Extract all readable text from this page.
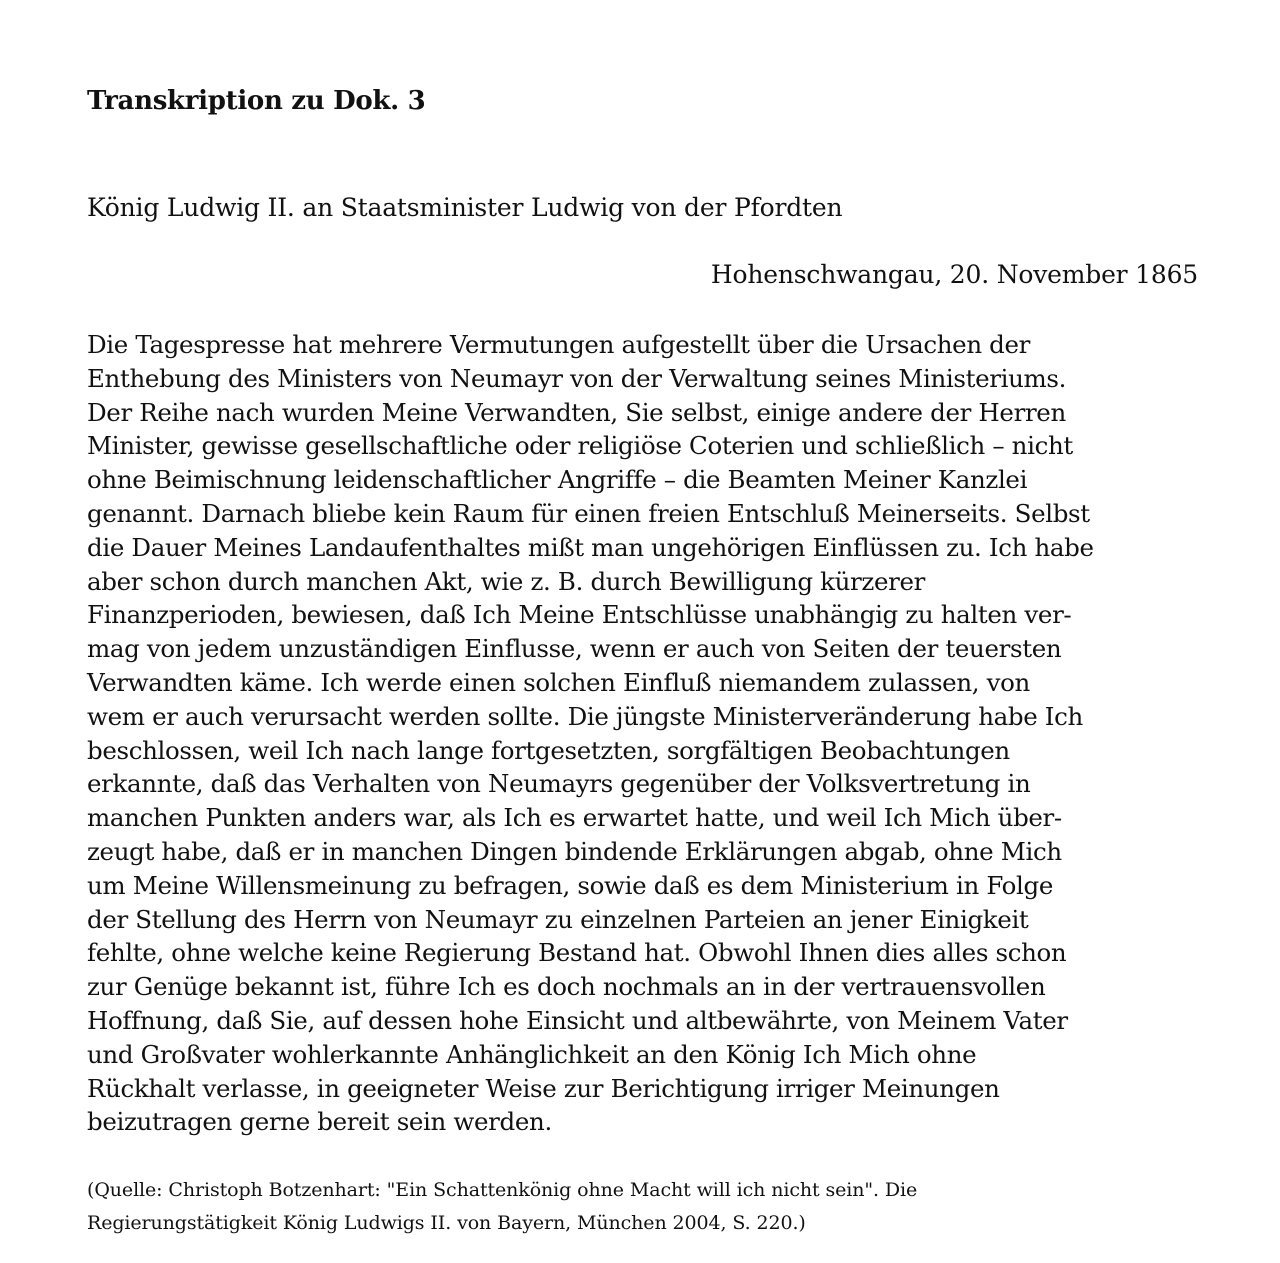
Transkription zu Dok. 3
König Ludwig II. an Staatsminister Ludwig von der Pfordten
Hohenschwangau, 20. November 1865
Die Tagespresse hat mehrere Vermutungen aufgestellt über die Ursachen der
Enthebung des Ministers von Neumayr von der Verwaltung seines Ministeriums.
Der Reihe nach wurden Meine Verwandten, Sie selbst, einige andere der Herren
Minister, gewisse gesellschaftliche oder religiöse Coterien und schließlich – nicht
ohne Beimischnung leidenschaftlicher Angriffe – die Beamten Meiner Kanzlei
genannt. Darnach bliebe kein Raum für einen freien Entschluß Meinerseits. Selbst
die Dauer Meines Landaufenthaltes mißt man ungehörigen Einflüssen zu. Ich habe
aber schon durch manchen Akt, wie z. B. durch Bewilligung kürzerer
Finanzperioden, bewiesen, daß Ich Meine Entschlüsse unabhängig zu halten ver-
mag von jedem unzuständigen Einflusse, wenn er auch von Seiten der teuersten
Verwandten käme. Ich werde einen solchen Einfluß niemandem zulassen, von
wem er auch verursacht werden sollte. Die jüngste Ministerveränderung habe Ich
beschlossen, weil Ich nach lange fortgesetzten, sorgfältigen Beobachtungen
erkannte, daß das Verhalten von Neumayrs gegenüber der Volksvertretung in
manchen Punkten anders war, als Ich es erwartet hatte, und weil Ich Mich über-
zeugt habe, daß er in manchen Dingen bindende Erklärungen abgab, ohne Mich
um Meine Willensmeinung zu befragen, sowie daß es dem Ministerium in Folge
der Stellung des Herrn von Neumayr zu einzelnen Parteien an jener Einigkeit
fehlte, ohne welche keine Regierung Bestand hat. Obwohl Ihnen dies alles schon
zur Genüge bekannt ist, führe Ich es doch nochmals an in der vertrauensvollen
Hoffnung, daß Sie, auf dessen hohe Einsicht und altbewährte, von Meinem Vater
und Großvater wohlerkannte Anhänglichkeit an den König Ich Mich ohne
Rückhalt verlasse, in geeigneter Weise zur Berichtigung irriger Meinungen
beizutragen gerne bereit sein werden.
(Quelle: Christoph Botzenhart: "Ein Schattenkönig ohne Macht will ich nicht sein". Die
Regierungstätigkeit König Ludwigs II. von Bayern, München 2004, S. 220.)
